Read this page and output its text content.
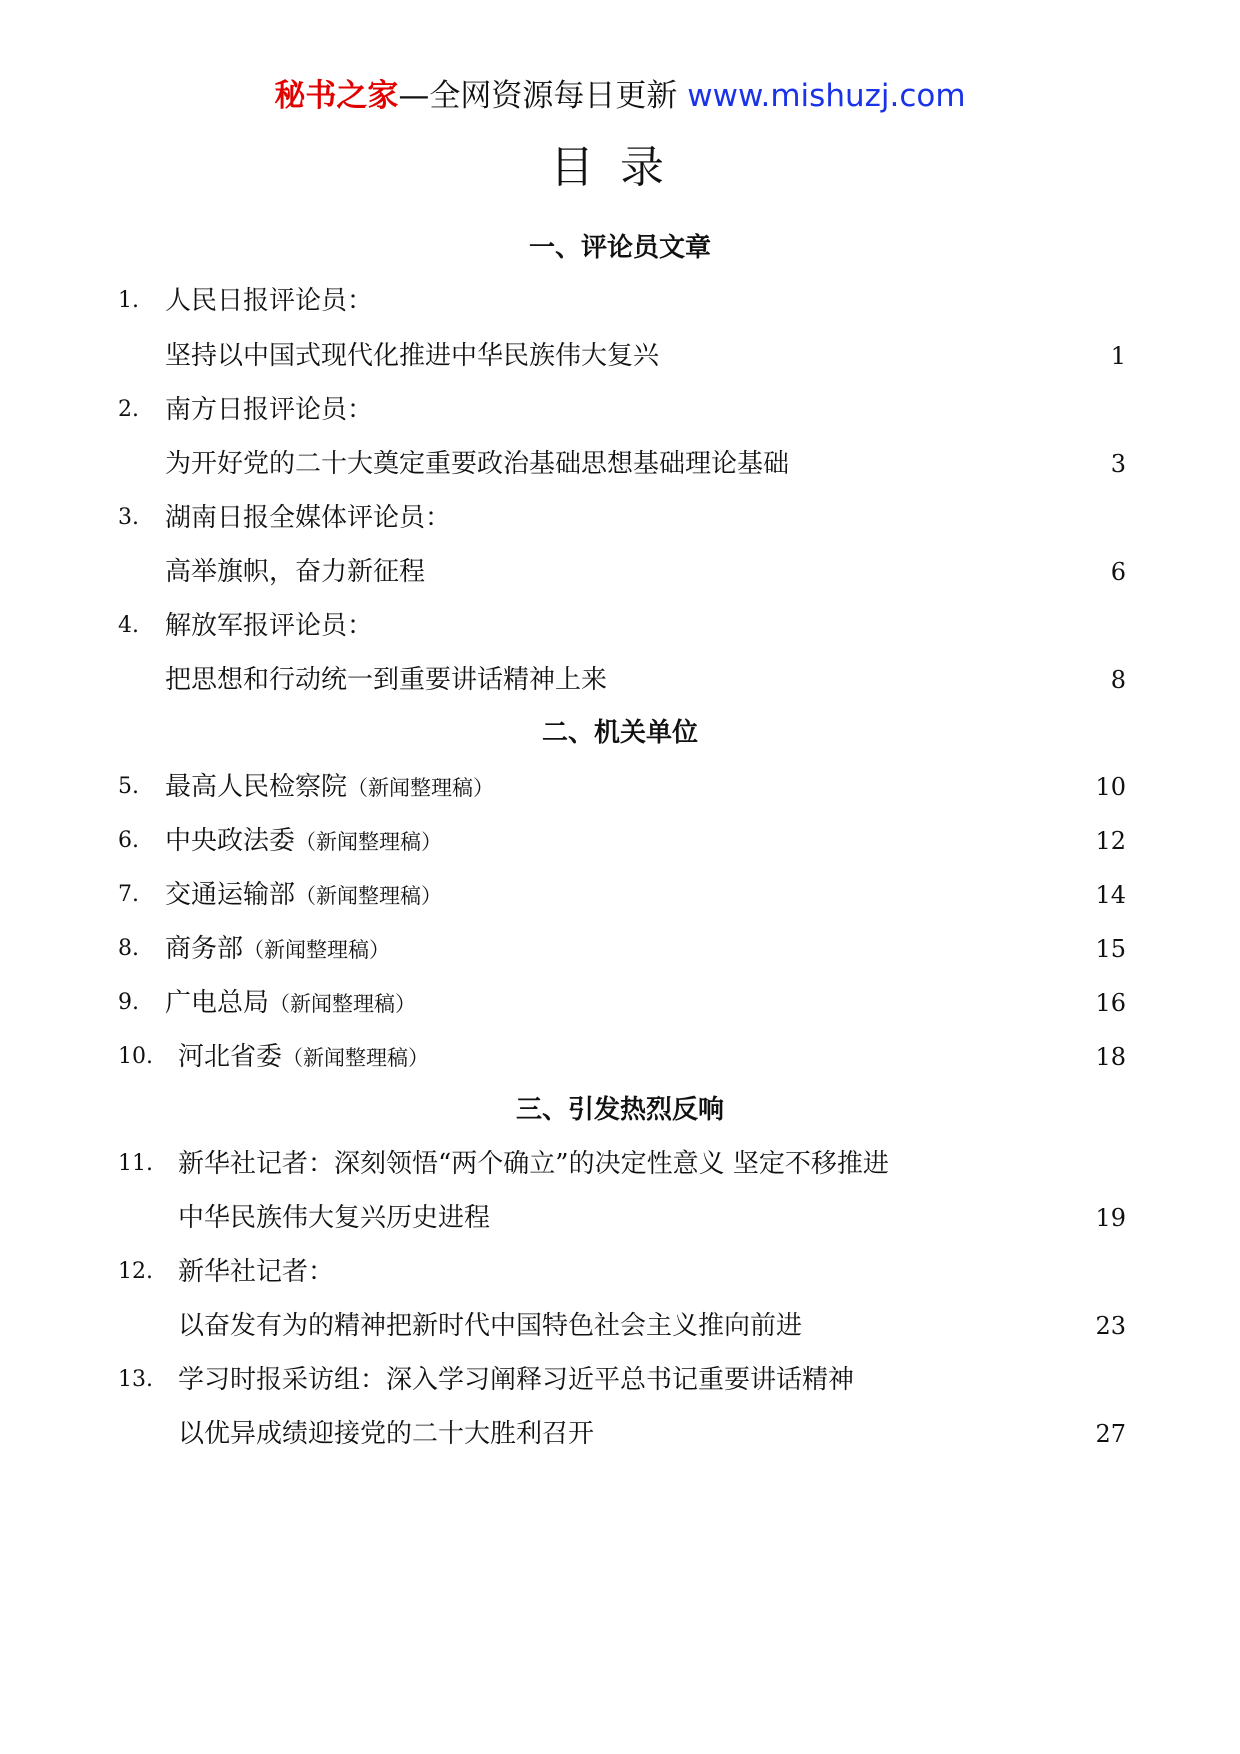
秘书之家—全网资源每日更新 www.mishuzj.com
目录
一、评论员文章
1. 人民日报评论员：
坚持以中国式现代化推进中华民族伟大复兴	1
2. 南方日报评论员：
为开好党的二十大奠定重要政治基础思想基础理论基础	3
3. 湖南日报全媒体评论员：
高举旗帜，奋力新征程	6
4. 解放军报评论员：
把思想和行动统一到重要讲话精神上来	8
二、机关单位
5. 最高人民检察院（新闻整理稿）	10
6. 中央政法委（新闻整理稿）	12
7. 交通运输部（新闻整理稿）	14
8. 商务部（新闻整理稿）	15
9. 广电总局（新闻整理稿）	16
10. 河北省委（新闻整理稿）	18
三、引发热烈反响
11. 新华社记者：深刻领悟“两个确立”的决定性意义 坚定不移推进
中华民族伟大复兴历史进程	19
12. 新华社记者：
以奋发有为的精神把新时代中国特色社会主义推向前进	23
13. 学习时报采访组：深入学习阐释习近平总书记重要讲话精神
以优异成绩迎接党的二十大胜利召开	27
